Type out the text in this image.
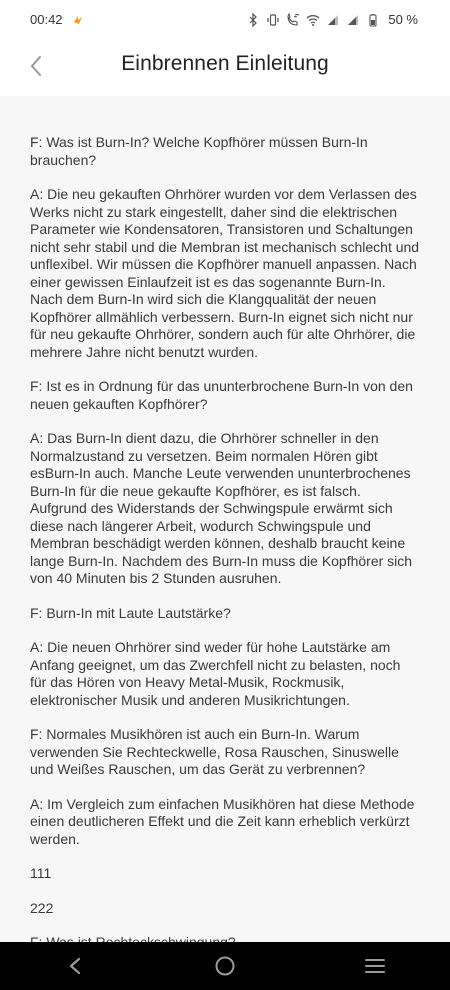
00:42	50 %
Einbrennen Einleitung

F: Was ist Burn-In? Welche Kopfhörer müssen Burn-In brauchen?

A: Die neu gekauften Ohrhörer wurden vor dem Verlassen des Werks nicht zu stark eingestellt, daher sind die elektrischen Parameter wie Kondensatoren, Transistoren und Schaltungen nicht sehr stabil und die Membran ist mechanisch schlecht und unflexibel. Wir müssen die Kopfhörer manuell anpassen. Nach einer gewissen Einlaufzeit ist es das sogenannte Burn-In. Nach dem Burn-In wird sich die Klangqualität der neuen Kopfhörer allmählich verbessern. Burn-In eignet sich nicht nur für neu gekaufte Ohrhörer, sondern auch für alte Ohrhörer, die mehrere Jahre nicht benutzt wurden.

F: Ist es in Ordnung für das ununterbrochene Burn-In von den neuen gekauften Kopfhörer?

A: Das Burn-In dient dazu, die Ohrhörer schneller in den Normalzustand zu versetzen. Beim normalen Hören gibt esBurn-In auch. Manche Leute verwenden ununterbrochenes Burn-In für die neue gekaufte Kopfhörer, es ist falsch. Aufgrund des Widerstands der Schwingspule erwärmt sich diese nach längerer Arbeit, wodurch Schwingspule und Membran beschädigt werden können, deshalb braucht keine lange Burn-In. Nachdem des Burn-In muss die Kopfhörer sich von 40 Minuten bis 2 Stunden ausruhen.

F: Burn-In mit Laute Lautstärke?

A: Die neuen Ohrhörer sind weder für hohe Lautstärke am Anfang geeignet, um das Zwerchfell nicht zu belasten, noch für das Hören von Heavy Metal-Musik, Rockmusik, elektronischer Musik und anderen Musikrichtungen.

F: Normales Musikhören ist auch ein Burn-In. Warum verwenden Sie Rechteckwelle, Rosa Rauschen, Sinuswelle und Weißes Rauschen, um das Gerät zu verbrennen?

A: Im Vergleich zum einfachen Musikhören hat diese Methode einen deutlicheren Effekt und die Zeit kann erheblich verkürzt werden.

111

222
